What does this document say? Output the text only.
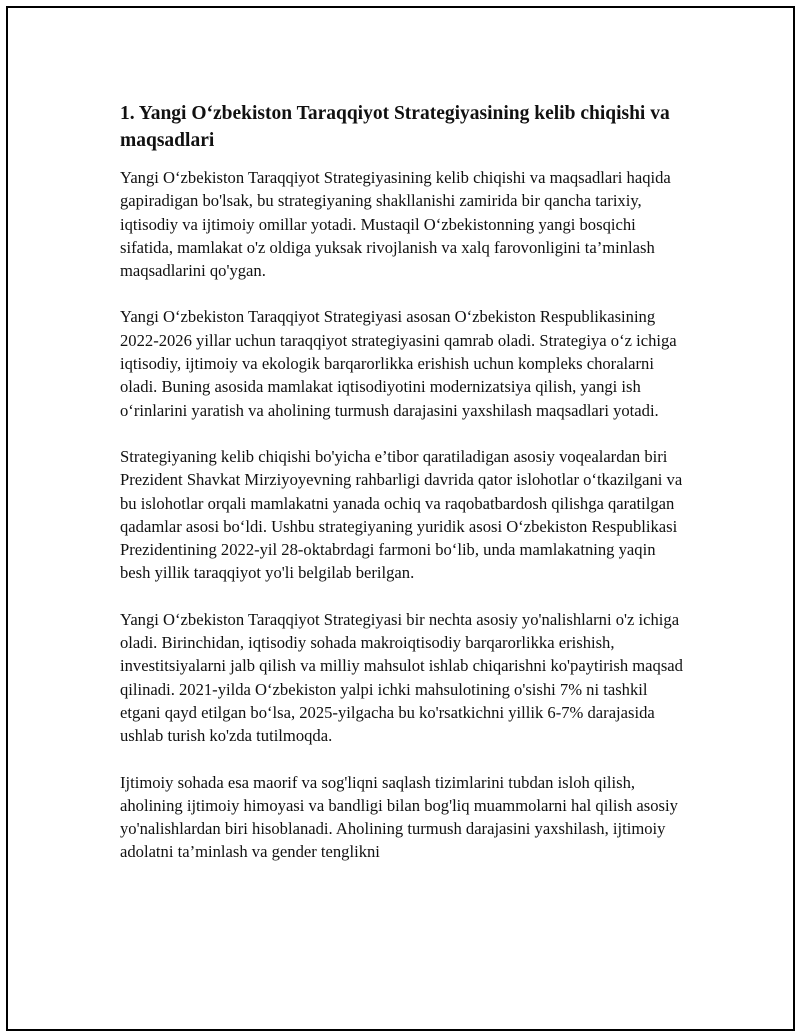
1. Yangi O‘zbekiston Taraqqiyot Strategiyasining kelib chiqishi va maqsadlari

Yangi O‘zbekiston Taraqqiyot Strategiyasining kelib chiqishi va maqsadlari haqida gapiradigan bo'lsak, bu strategiyaning shakllanishi zamirida bir qancha tarixiy, iqtisodiy va ijtimoiy omillar yotadi. Mustaqil O‘zbekistonning yangi bosqichi sifatida, mamlakat o'z oldiga yuksak rivojlanish va xalq farovonligini ta’minlash maqsadlarini qo'ygan.

Yangi O‘zbekiston Taraqqiyot Strategiyasi asosan O‘zbekiston Respublikasining 2022-2026 yillar uchun taraqqiyot strategiyasini qamrab oladi. Strategiya o‘z ichiga iqtisodiy, ijtimoiy va ekologik barqarorlikka erishish uchun kompleks choralarni oladi. Buning asosida mamlakat iqtisodiyotini modernizatsiya qilish, yangi ish o‘rinlarini yaratish va aholining turmush darajasini yaxshilash maqsadlari yotadi.

Strategiyaning kelib chiqishi bo'yicha e’tibor qaratiladigan asosiy voqealardan biri Prezident Shavkat Mirziyoyevning rahbarligi davrida qator islohotlar o‘tkazilgani va bu islohotlar orqali mamlakatni yanada ochiq va raqobatbardosh qilishga qaratilgan qadamlar asosi bo‘ldi. Ushbu strategiyaning yuridik asosi O‘zbekiston Respublikasi Prezidentining 2022-yil 28-oktabrdagi farmoni bo‘lib, unda mamlakatning yaqin besh yillik taraqqiyot yo'li belgilab berilgan.

Yangi O‘zbekiston Taraqqiyot Strategiyasi bir nechta asosiy yo'nalishlarni o'z ichiga oladi. Birinchidan, iqtisodiy sohada makroiqtisodiy barqarorlikka erishish, investitsiyalarni jalb qilish va milliy mahsulot ishlab chiqarishni ko'paytirish maqsad qilinadi. 2021-yilda O‘zbekiston yalpi ichki mahsulotining o'sishi 7% ni tashkil etgani qayd etilgan bo‘lsa, 2025-yilgacha bu ko'rsatkichni yillik 6-7% darajasida ushlab turish ko'zda tutilmoqda.

Ijtimoiy sohada esa maorif va sog'liqni saqlash tizimlarini tubdan isloh qilish, aholining ijtimoiy himoyasi va bandligi bilan bog'liq muammolarni hal qilish asosiy yo'nalishlardan biri hisoblanadi. Aholining turmush darajasini yaxshilash, ijtimoiy adolatni ta’minlash va gender tenglikni
